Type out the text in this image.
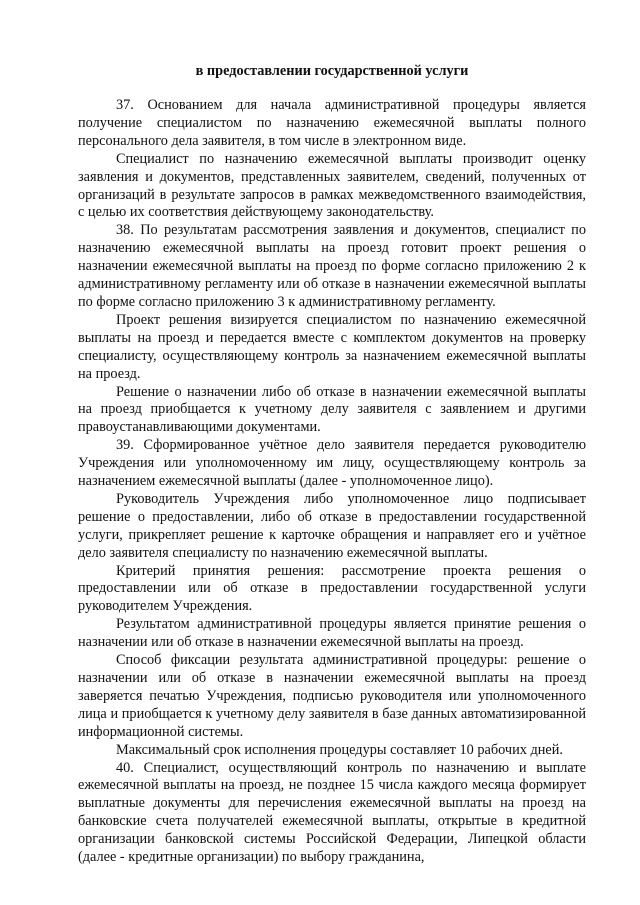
в предоставлении государственной услуги

37. Основанием для начала административной процедуры является получение специалистом по назначению ежемесячной выплаты полного персонального дела заявителя, в том числе в электронном виде.

Специалист по назначению ежемесячной выплаты производит оценку заявления и документов, представленных заявителем, сведений, полученных от организаций в результате запросов в рамках межведомственного взаимодействия, с целью их соответствия действующему законодательству.

38. По результатам рассмотрения заявления и документов, специалист по назначению ежемесячной выплаты на проезд готовит проект решения о назначении ежемесячной выплаты на проезд по форме согласно приложению 2 к административному регламенту или об отказе в назначении ежемесячной выплаты по форме согласно приложению 3 к административному регламенту.

Проект решения визируется специалистом по назначению ежемесячной выплаты на проезд и передается вместе с комплектом документов на проверку специалисту, осуществляющему контроль за назначением ежемесячной выплаты на проезд.

Решение о назначении либо об отказе в назначении ежемесячной выплаты на проезд приобщается к учетному делу заявителя с заявлением и другими правоустанавливающими документами.

39. Сформированное учётное дело заявителя передается руководителю Учреждения или уполномоченному им лицу, осуществляющему контроль за назначением ежемесячной выплаты (далее - уполномоченное лицо).

Руководитель Учреждения либо уполномоченное лицо подписывает решение о предоставлении, либо об отказе в предоставлении государственной услуги, прикрепляет решение к карточке обращения и направляет его и учётное дело заявителя специалисту по назначению ежемесячной выплаты.

Критерий принятия решения: рассмотрение проекта решения о предоставлении или об отказе в предоставлении государственной услуги руководителем Учреждения.

Результатом административной процедуры является принятие решения о назначении или об отказе в назначении ежемесячной выплаты на проезд.

Способ фиксации результата административной процедуры: решение о назначении или об отказе в назначении ежемесячной выплаты на проезд заверяется печатью Учреждения, подписью руководителя или уполномоченного лица и приобщается к учетному делу заявителя в базе данных автоматизированной информационной системы.

Максимальный срок исполнения процедуры составляет 10 рабочих дней.

40. Специалист, осуществляющий контроль по назначению и выплате ежемесячной выплаты на проезд, не позднее 15 числа каждого месяца формирует выплатные документы для перечисления ежемесячной выплаты на проезд на банковские счета получателей ежемесячной выплаты, открытые в кредитной организации банковской системы Российской Федерации, Липецкой области (далее - кредитные организации) по выбору гражданина,
